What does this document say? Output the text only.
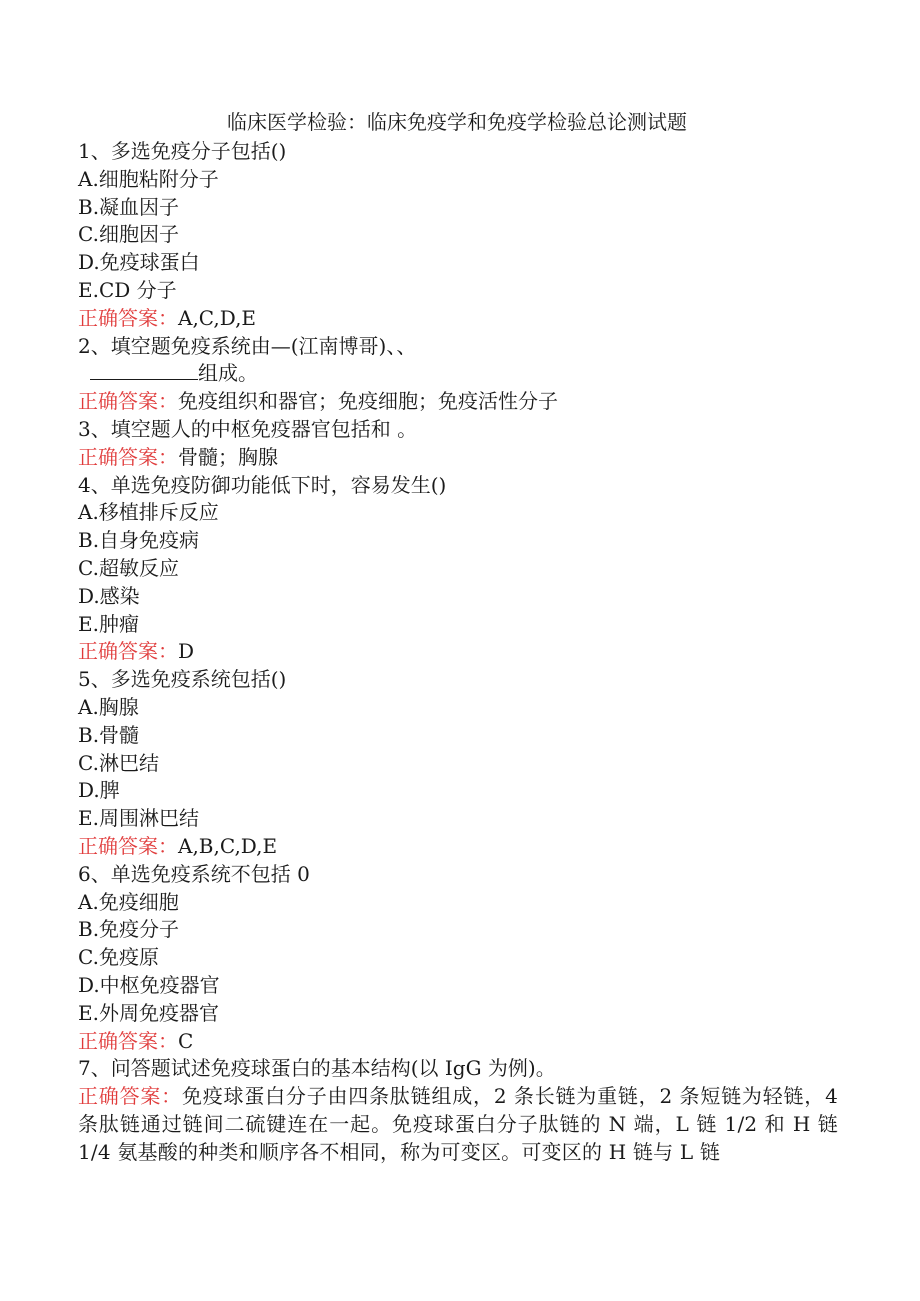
临床医学检验：临床免疫学和免疫学检验总论测试题
1、多选免疫分子包括()
A.细胞粘附分子
B.凝血因子
C.细胞因子
D.免疫球蛋白
E.CD 分子
正确答案：A,C,D,E
2、填空题免疫系统由—(江南博哥)、、
组成。
正确答案：免疫组织和器官；免疫细胞；免疫活性分子
3、填空题人的中枢免疫器官包括和 。
正确答案：骨髓；胸腺
4、单选免疫防御功能低下时，容易发生()
A.移植排斥反应
B.自身免疫病
C.超敏反应
D.感染
E.肿瘤
正确答案：D
5、多选免疫系统包括()
A.胸腺
B.骨髓
C.淋巴结
D.脾
E.周围淋巴结
正确答案：A,B,C,D,E
6、单选免疫系统不包括 0
A.免疫细胞
B.免疫分子
C.免疫原
D.中枢免疫器官
E.外周免疫器官
正确答案：C
7、问答题试述免疫球蛋白的基本结构(以 IgG 为例)。
正确答案：免疫球蛋白分子由四条肽链组成，2 条长链为重链，2 条短链为轻链，4 条肽链通过链间二硫键连在一起。免疫球蛋白分子肽链的 N 端，L 链 1/2 和 H 链 1/4 氨基酸的种类和顺序各不相同，称为可变区。可变区的 H 链与 L 链
